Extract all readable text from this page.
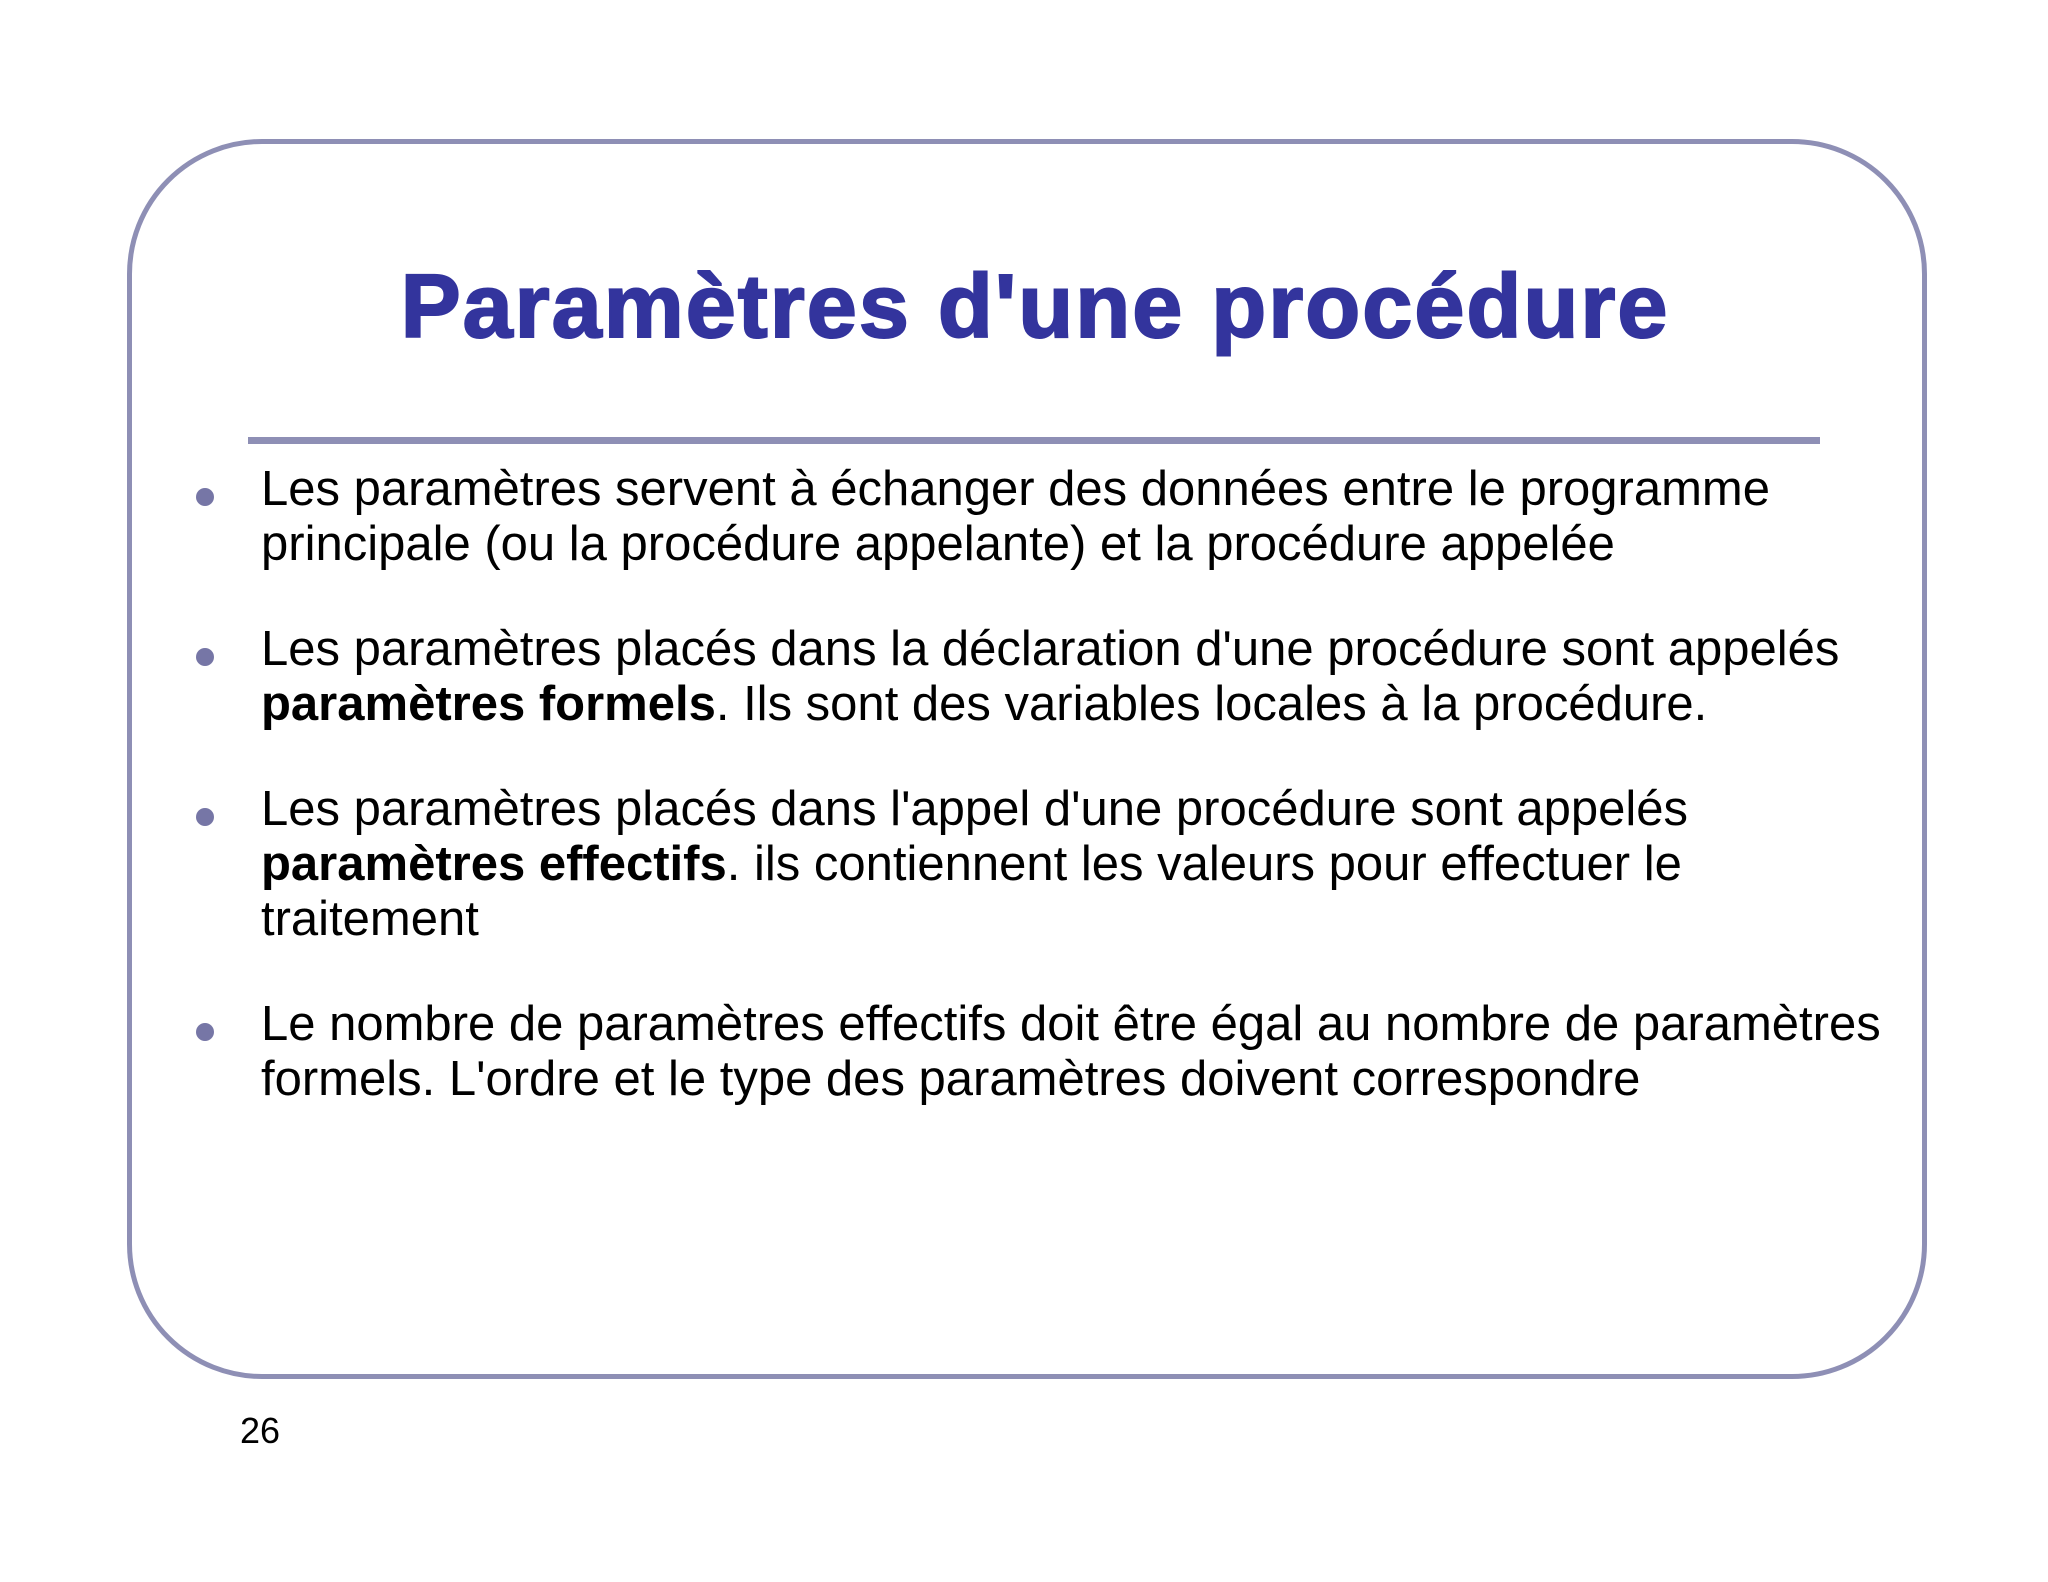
Paramètres d'une procédure
Les paramètres servent à échanger des données entre le programme principale (ou la procédure appelante) et la procédure appelée
Les paramètres placés dans la déclaration d'une procédure sont appelés paramètres formels. Ils sont des variables locales à la procédure.
Les paramètres placés dans l'appel d'une procédure sont appelés paramètres effectifs. ils contiennent les valeurs pour effectuer le traitement
Le nombre de paramètres effectifs doit être égal au nombre de paramètres formels. L'ordre et le type des paramètres doivent correspondre
26
